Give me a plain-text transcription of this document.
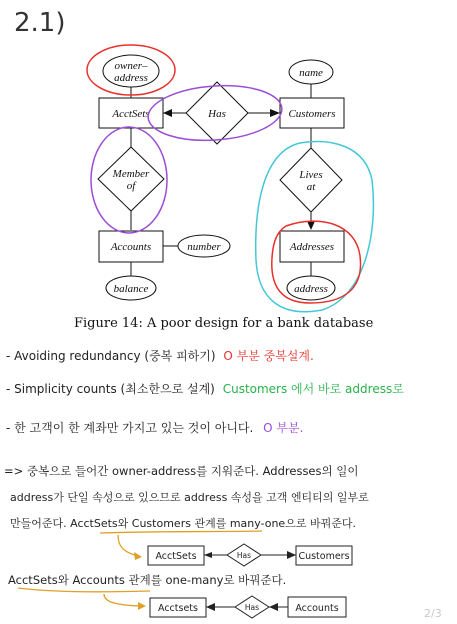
2.1)
owner–
address	name
AcctSets	Has	Customers
Member
of
Lives
at
Accounts	number	Addresses
balance	address
Figure 14: A poor design for a bank database
- Avoiding redundancy (중복 피하기) O 부분 중복설계.
- Simplicity counts (최소한으로 설계) Customers 에서 바로 address로
- 한 고객이 한 계좌만 가지고 있는 것이 아니다. O 부분.
=> 중복으로 들어간 owner-address를 지워준다. Addresses의 일이
address가 단일 속성으로 있으므로 address 속성을 고객 엔티티의 일부로
만들어준다. AcctSets와 Customers 관계를 many-one으로 바꿔준다.
AcctSets	Has	Customers
AcctSets와 Accounts 관계를 one-many로 바꿔준다.
Acctsets	Has	Accounts	2/3
